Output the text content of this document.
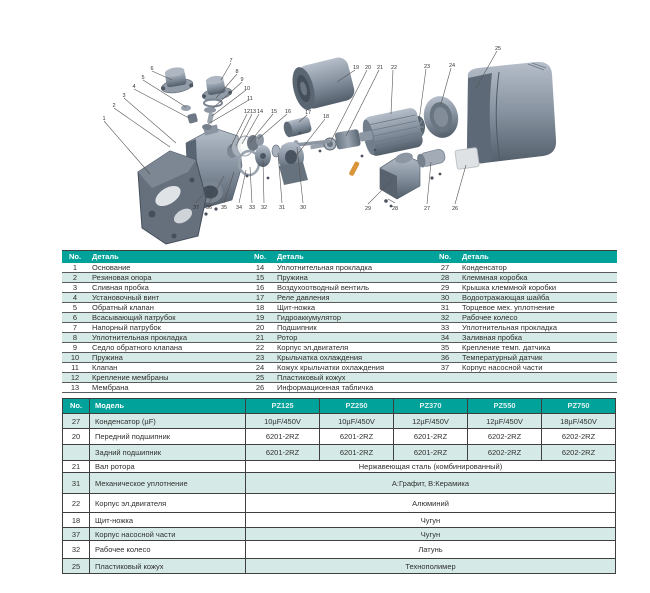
1
2
3
4
5
6
7
8
9
10
11
12 13 14 15 16	17
18
19 20 21 22	23	24
25
26
27
28
29
30
31
32
33
34
35
36
37
No.	Деталь	No.	Деталь	No.	Деталь
1	Основание	14	Уплотнительная прокладка	27	Конденсатор
2	Резиновая опора	15	Пружина	28	Клеммная коробка
3	Сливная пробка	16	Воздухоотводный вентиль	29	Крышка клеммной коробки
4	Установочный винт	17	Реле давления	30	Водоотражающая шайба
5	Обратный клапан	18	Щит-ножка	31	Торцевое мех. уплотнение
6	Всасывающий патрубок	19	Гидроаккумулятор	32	Рабочее колесо
7	Напорный патрубок	20	Подшипник	33	Уплотнительная прокладка
8	Уплотнительная прокладка	21	Ротор	34	Заливная пробка
9	Седло обратного клапана	22	Корпус эл.двигателя	35	Крепление темп. датчика
10	Пружина	23	Крыльчатка охлаждения	36	Температурный датчик
11	Клапан	24	Кожух крыльчатки охлаждения	37	Корпус насосной части
12	Крепление мембраны	25	Пластиковый кожух		
13	Мембрана	26	Информационная табличка		
No.	Модель	PZ125	PZ250	PZ370	PZ550	PZ750
27	Конденсатор (µF)	10µF/450V	10µF/450V	12µF/450V	12µF/450V	18µF/450V
20	Передний подшипник	6201-2RZ	6201-2RZ	6201-2RZ	6202-2RZ	6202-2RZ
	Задний подшипник	6201-2RZ	6201-2RZ	6201-2RZ	6202-2RZ	6202-2RZ
21	Вал ротора	Нержавеющая сталь (комбинированный)				
31	Механическое уплотнение	А:Графит, В:Керамика				
22	Корпус эл.двигателя	Алюминий				
18	Щит-ножка	Чугун				
37	Корпус насосной части	Чугун				
32	Рабочее колесо	Латунь				
25	Пластиковый кожух	Технополимер				
